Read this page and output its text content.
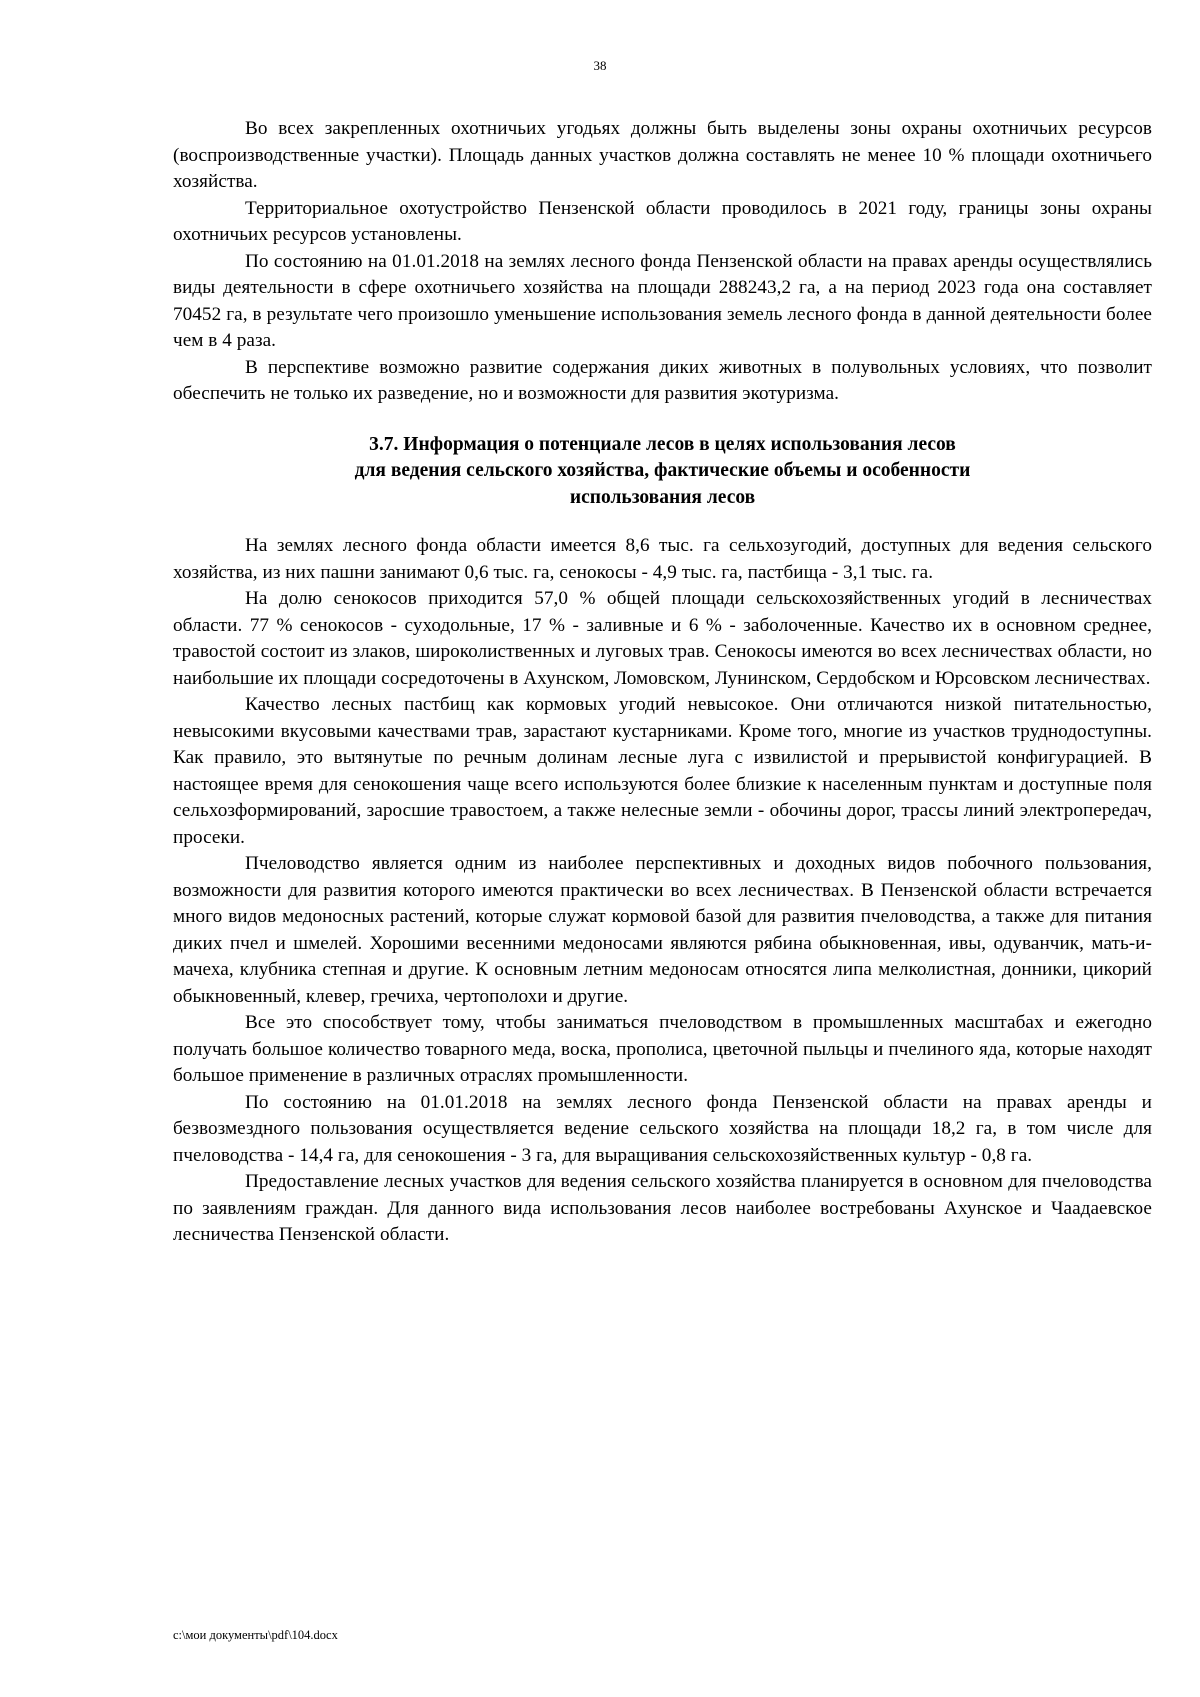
38

Во всех закрепленных охотничьих угодьях должны быть выделены зоны охраны охотничьих ресурсов (воспроизводственные участки). Площадь данных участков должна составлять не менее 10 % площади охотничьего хозяйства.

Территориальное охотустройство Пензенской области проводилось в 2021 году, границы зоны охраны охотничьих ресурсов установлены.

По состоянию на 01.01.2018 на землях лесного фонда Пензенской области на правах аренды осуществлялись виды деятельности в сфере охотничьего хозяйства на площади 288243,2 га, а на период 2023 года она составляет 70452 га, в результате чего произошло уменьшение использования земель лесного фонда в данной деятельности более чем в 4 раза.

В перспективе возможно развитие содержания диких животных в полувольных условиях, что позволит обеспечить не только их разведение, но и возможности для развития экотуризма.

3.7. Информация о потенциале лесов в целях использования лесов
для ведения сельского хозяйства, фактические объемы и особенности
использования лесов

На землях лесного фонда области имеется 8,6 тыс. га сельхозугодий, доступных для ведения сельского хозяйства, из них пашни занимают 0,6 тыс. га, сенокосы - 4,9 тыс. га, пастбища - 3,1 тыс. га.

На долю сенокосов приходится 57,0 % общей площади сельскохозяйственных угодий в лесничествах области. 77 % сенокосов - суходольные, 17 % - заливные и 6 % - заболоченные. Качество их в основном среднее, травостой состоит из злаков, широколиственных и луговых трав. Сенокосы имеются во всех лесничествах области, но наибольшие их площади сосредоточены в Ахунском, Ломовском, Лунинском, Сердобском и Юрсовском лесничествах.

Качество лесных пастбищ как кормовых угодий невысокое. Они отличаются низкой питательностью, невысокими вкусовыми качествами трав, зарастают кустарниками. Кроме того, многие из участков труднодоступны. Как правило, это вытянутые по речным долинам лесные луга с извилистой и прерывистой конфигурацией. В настоящее время для сенокошения чаще всего используются более близкие к населенным пунктам и доступные поля сельхозформирований, заросшие травостоем, а также нелесные земли - обочины дорог, трассы линий электропередач, просеки.

Пчеловодство является одним из наиболее перспективных и доходных видов побочного пользования, возможности для развития которого имеются практически во всех лесничествах. В Пензенской области встречается много видов медоносных растений, которые служат кормовой базой для развития пчеловодства, а также для питания диких пчел и шмелей. Хорошими весенними медоносами являются рябина обыкновенная, ивы, одуванчик, мать-и-мачеха, клубника степная и другие. К основным летним медоносам относятся липа мелколистная, донники, цикорий обыкновенный, клевер, гречиха, чертополохи и другие.

Все это способствует тому, чтобы заниматься пчеловодством в промышленных масштабах и ежегодно получать большое количество товарного меда, воска, прополиса, цветочной пыльцы и пчелиного яда, которые находят большое применение в различных отраслях промышленности.

По состоянию на 01.01.2018 на землях лесного фонда Пензенской области на правах аренды и безвозмездного пользования осуществляется ведение сельского хозяйства на площади 18,2 га, в том числе для пчеловодства - 14,4 га, для сенокошения - 3 га, для выращивания сельскохозяйственных культур - 0,8 га.

Предоставление лесных участков для ведения сельского хозяйства планируется в основном для пчеловодства по заявлениям граждан. Для данного вида использования лесов наиболее востребованы Ахунское и Чаадаевское лесничества Пензенской области.

c:\мои документы\pdf\104.docx
